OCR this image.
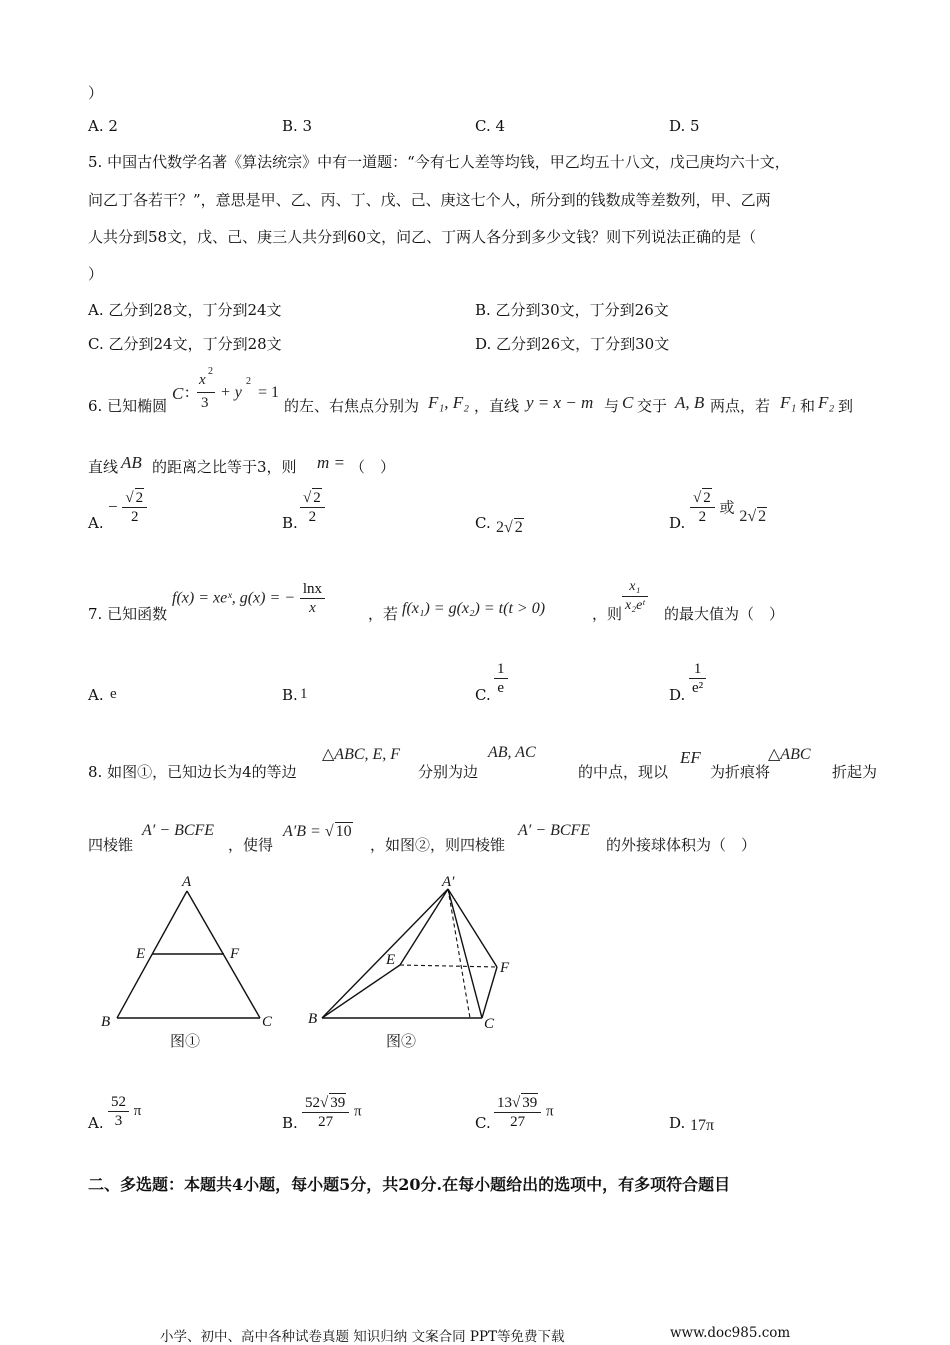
）
A. 2	B. 3	C. 4	D. 5
5. 中国古代数学名著《算法统宗》中有一道题：“今有七人差等均钱，甲乙均五十八文，戊己庚均六十文，
问乙丁各若干？”，意思是甲、乙、丙、丁、戊、己、庚这七个人，所分到的钱数成等差数列，甲、乙两
人共分到58文，戊、己、庚三人共分到60文，问乙、丁两人各分到多少文钱？则下列说法正确的是（
）
A. 乙分到28文，丁分到24文	B. 乙分到30文，丁分到26文
C. 乙分到24文，丁分到28文	D. 乙分到26文，丁分到30文
6. 已知椭圆
C :
x
2
3
+ y
2
= 1
的左、右焦点分别为 F₁, F₂ ，直线 y = x − m 与 C 交于 A, B 两点，若 F₁ 和 F₂ 到
直线 AB 的距离之比等于3，则 m = （　）
A.
− $\frac{√ 2}{2}$	B. $\frac{√ 2}{2}$	C. 2√ 2	D. $\frac{√ 2}{2}$ 或 2√ 2
7. 已知函数
f(x) = xeˣ, g(x) = − $\frac{\ln x}{x}$	，若 f(x₁) = g(x₂) = t(t > 0)	，则 $\frac{\text{x₁}}{\text{x₂eᵗ}}$ 的最大值为（　）
A. e	B. 1	C. $\frac{1}{e}$	D. $\frac{1}{\text{e²}}$
8. 如图①，已知边长为4的等边
△ABC, E, F
分别为边
AB, AC
的中点，现以
EF
为折痕将
△ABC
折起为
四棱锥
A′ − BCFE
，使得
A′B = √ 10
，如图②，则四棱锥
A′ − BCFE
的外接球体积为（　）
A
E	F
B	C
图①
A′
E	F
B	C
图②
A. $\frac{52}{3}$ π
B. $\frac{52√ 39}{27}$ π
C. $\frac{13√ 39}{27}$ π
D. 17π
二、多选题：本题共4小题，每小题5分，共20分.在每小题给出的选项中，有多项符合题目
小学、初中、高中各种试卷真题 知识归纳 文案合同 PPT等免费下载	www.doc985.com
